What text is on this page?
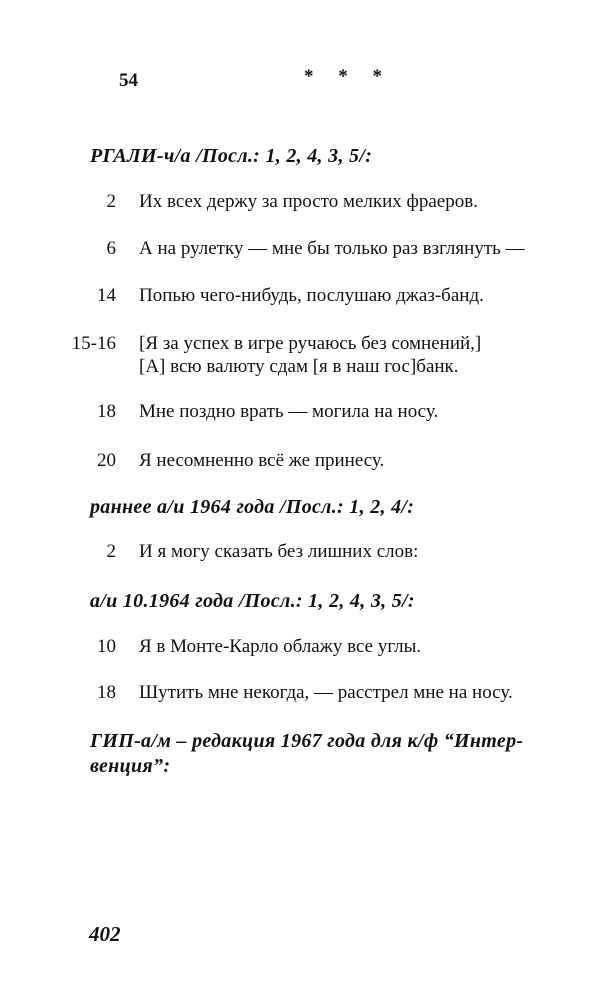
54	* * *
РГАЛИ-ч/а /Посл.: 1, 2, 4, 3, 5/:
2 Их всех держу за просто мелких фраеров.
6 А на рулетку — мне бы только раз взглянуть —
14 Попью чего-нибудь, послушаю джаз-банд.
15-16 [Я за успех в игре ручаюсь без сомнений,]
[А] всю валюту сдам [я в наш гос]банк.
18 Мне поздно врать — могила на носу.
20 Я несомненно всё же принесу.
раннее а/и 1964 года /Посл.: 1, 2, 4/:
2 И я могу сказать без лишних слов:
а/и 10.1964 года /Посл.: 1, 2, 4, 3, 5/:
10 Я в Монте-Карло облажу все углы.
18 Шутить мне некогда, — расстрел мне на носу.
ГИП-а/м – редакция 1967 года для к/ф “Интер-
венция”:
402
